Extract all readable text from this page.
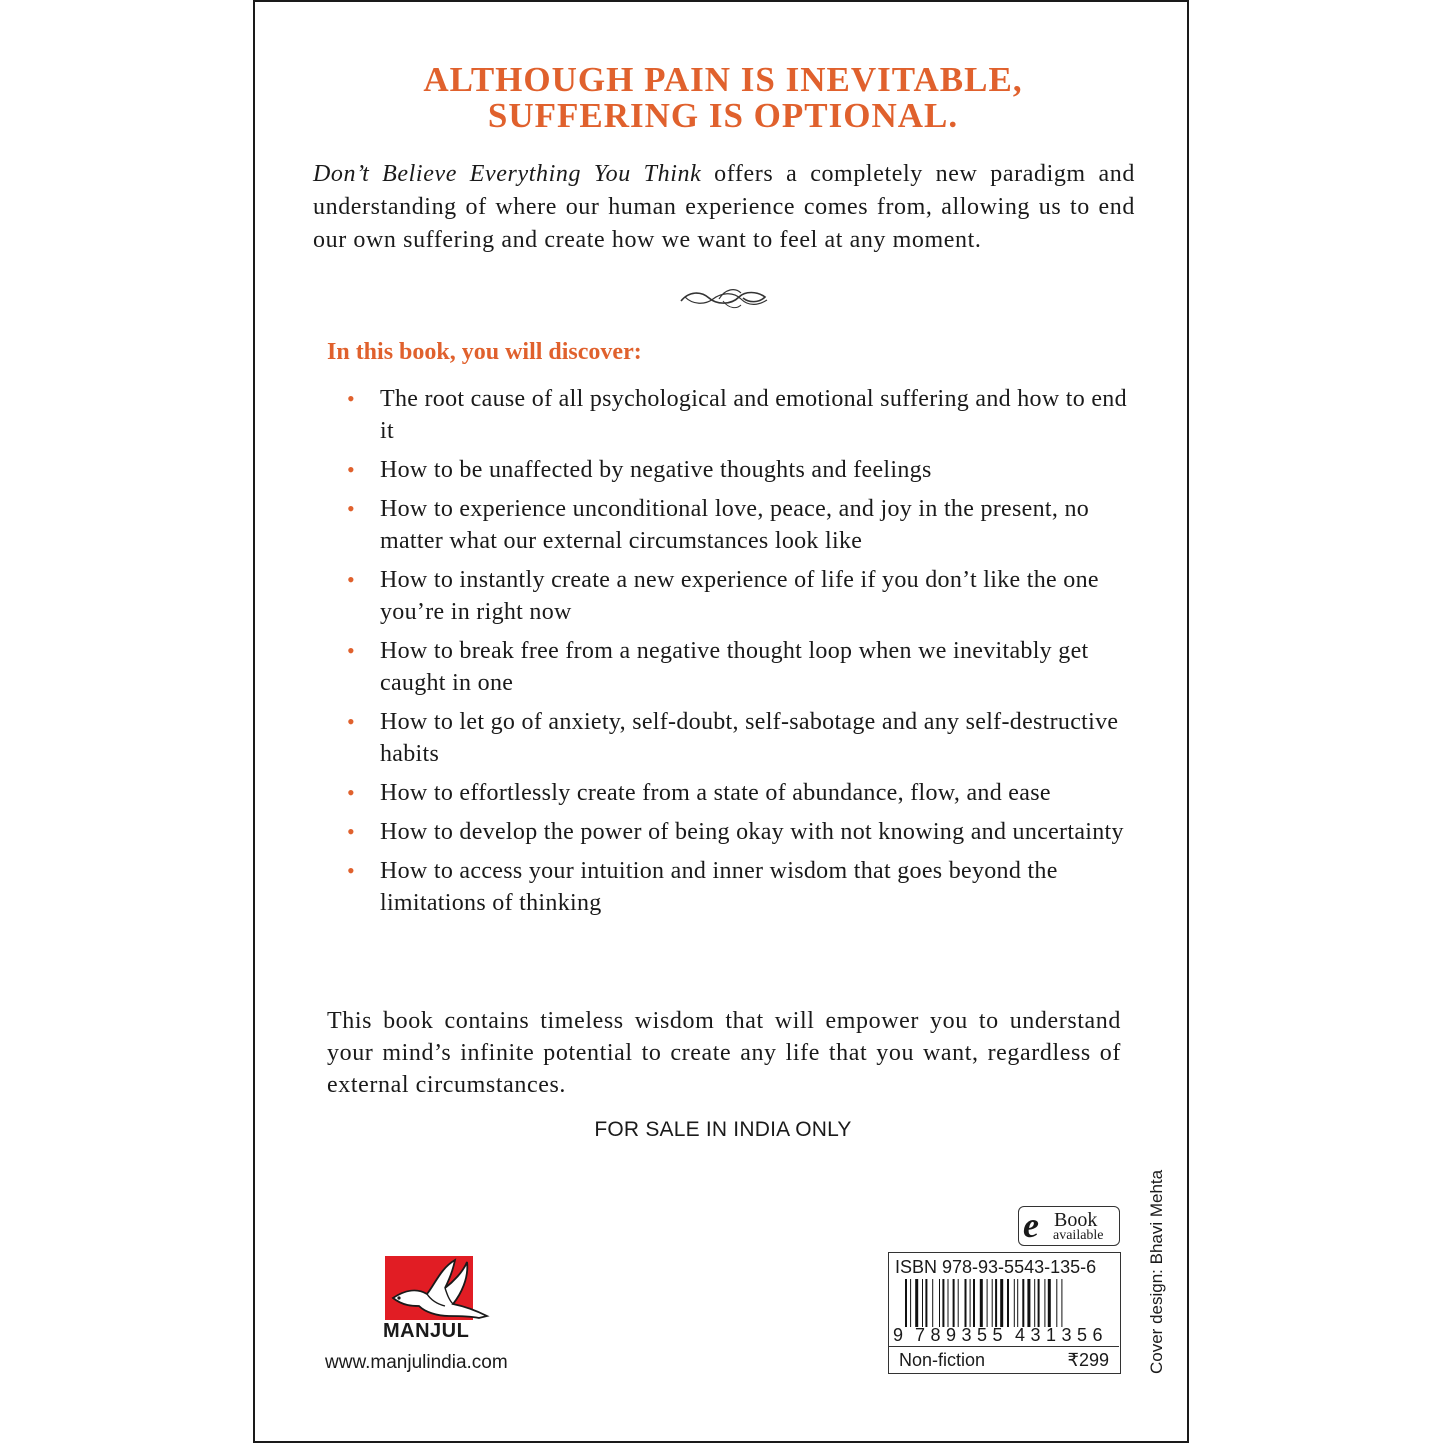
ALTHOUGH PAIN IS INEVITABLE,
SUFFERING IS OPTIONAL.

Don’t Believe Everything You Think offers a completely new paradigm and understanding of where our human experience comes from, allowing us to end our own suffering and create how we want to feel at any moment.

In this book, you will discover:

• The root cause of all psychological and emotional suffering and how to end it
• How to be unaffected by negative thoughts and feelings
• How to experience unconditional love, peace, and joy in the present, no matter what our external circumstances look like
• How to instantly create a new experience of life if you don’t like the one you’re in right now
• How to break free from a negative thought loop when we inevitably get caught in one
• How to let go of anxiety, self-doubt, self-sabotage and any self-destructive habits
• How to effortlessly create from a state of abundance, flow, and ease
• How to develop the power of being okay with not knowing and uncertainty
• How to access your intuition and inner wisdom that goes beyond the limitations of thinking

This book contains timeless wisdom that will empower you to understand your mind’s infinite potential to create any life that you want, regardless of external circumstances.

FOR SALE IN INDIA ONLY
MANJUL
www.manjulindia.com
e Book
available
ISBN 978-93-5543-135-6
9 789355 431356
Non-fiction	₹299 Cover design: Bhavi Mehta
